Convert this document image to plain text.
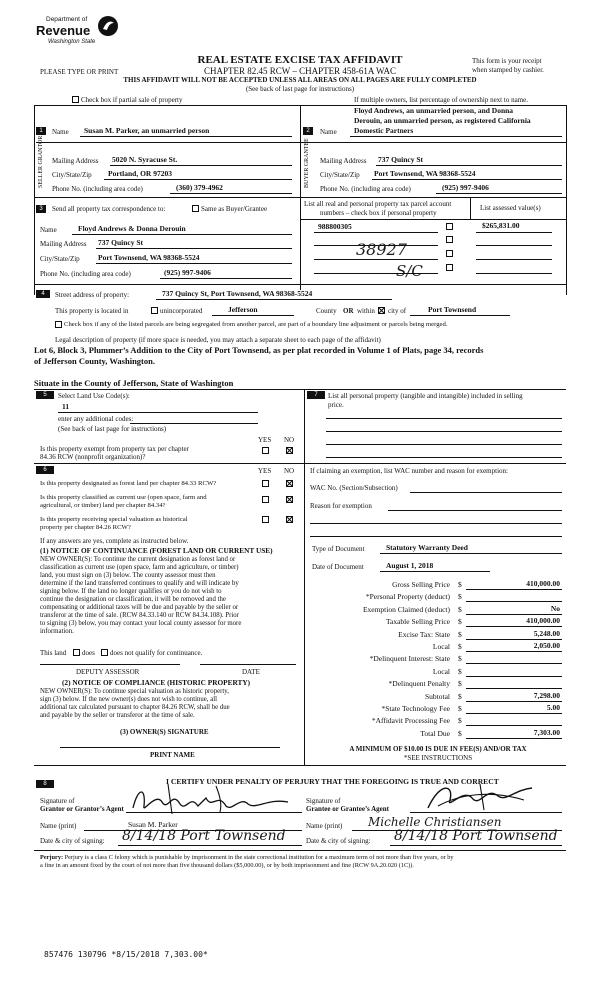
Department of
Revenue
Washington State
REAL ESTATE EXCISE TAX AFFIDAVIT
PLEASE TYPE OR PRINT	CHAPTER 82.45 RCW – CHAPTER 458-61A WAC
This form is your receipt
when stamped by cashier.
THIS AFFIDAVIT WILL NOT BE ACCEPTED UNLESS ALL AREAS ON ALL PAGES ARE FULLY COMPLETED
(See back of last page for instructions)
Check box if partial sale of property	If multiple owners, list percentage of ownership next to name.
1
SELLER GRANTOR
Name Susan M. Parker, an unmarried person
Mailing Address 5020 N. Syracuse St.
City/State/Zip Portland, OR 97203
Phone No. (including area code)	(360) 379-4962
Floyd Andrews, an unmarried person, and Donna
Derouin, an unmarried person, as registered California
2	Name Domestic Partners
BUYER GRANTEE Mailing Address 737 Quincy St
City/State/Zip Port Townsend, WA 98368-5524
Phone No. (including area code)	(925) 997-9406
3	Send all property tax correspondence to:	Same as Buyer/Grantee
Name	Floyd Andrews & Donna Derouin
Mailing Address 737 Quincy St
City/State/Zip Port Townsend, WA 98368-5524
Phone No. (including area code)	(925) 997-9406
List all real and personal property tax parcel account
numbers – check box if personal property
List assessed value(s)
988800305	$265,831.00
38927
S/C
4	Street address of property:	737 Quincy St, Port Townsend, WA 98368-5524
This property is located in	unincorporated	Jefferson	County OR within city of	Port Townsend
Check box if any of the listed parcels are being segregated from another parcel, are part of a boundary line adjustment or parcels being merged.
Legal description of property (if more space is needed, you may attach a separate sheet to each page of the affidavit)
Lot 6, Block 3, Plummer’s Addition to the City of Port Townsend, as per plat recorded in Volume 1 of Plats, page 34, records
of Jefferson County, Washington.
Situate in the County of Jefferson, State of Washington
5	Select Land Use Code(s):
11
enter any additional codes:
(See back of last page for instructions)
YES NO
Is this property exempt from property tax per chapter
84.36 RCW (nonprofit organization)?
6	YES NO
Is this property designated as forest land per chapter 84.33 RCW?
Is this property classified as current use (open space, farm and
agricultural, or timber) land per chapter 84.34?
Is this property receiving special valuation as historical
property per chapter 84.26 RCW?
If any answers are yes, complete as instructed below.
(1) NOTICE OF CONTINUANCE (FOREST LAND OR CURRENT USE)
NEW OWNER(S): To continue the current designation as forest land or
classification as current use (open space, farm and agriculture, or timber)
land, you must sign on (3) below. The county assessor must then
determine if the land transferred continues to qualify and will indicate by
signing below. If the land no longer qualifies or you do not wish to
continue the designation or classification, it will be removed and the
compensating or additional taxes will be due and payable by the seller or
transferor at the time of sale. (RCW 84.33.140 or RCW 84.34.108). Prior
to signing (3) below, you may contact your local county assessor for more
information.
This land does does not qualify for continuance.
DEPUTY ASSESSOR	DATE
(2) NOTICE OF COMPLIANCE (HISTORIC PROPERTY)
NEW OWNER(S): To continue special valuation as historic property,
sign (3) below. If the new owner(s) does not wish to continue, all
additional tax calculated pursuant to chapter 84.26 RCW, shall be due
and payable by the seller or transferor at the time of sale.
(3) OWNER(S) SIGNATURE
PRINT NAME
7	List all personal property (tangible and intangible) included in selling
price.
If claiming an exemption, list WAC number and reason for exemption:
WAC No. (Section/Subsection)
Reason for exemption
Type of Document	Statutory Warranty Deed
Date of Document	August 1, 2018
Gross Selling Price $	410,000.00
*Personal Property (deduct) $
Exemption Claimed (deduct) $	No
Taxable Selling Price $	410,000.00
Excise Tax: State $	5,248.00
Local $	2,050.00
*Delinquent Interest: State $
Local $
*Delinquent Penalty $
Subtotal $	7,298.00
*State Technology Fee $	5.00
*Affidavit Processing Fee $
Total Due $	7,303.00
A MINIMUM OF $10.00 IS DUE IN FEE(S) AND/OR TAX
*SEE INSTRUCTIONS
8	I CERTIFY UNDER PENALTY OF PERJURY THAT THE FOREGOING IS TRUE AND CORRECT
Signature of
Grantor or Grantor’s Agent
Signature of
Grantee or Grantee’s Agent
Name (print)	Susan M. Parker	Name (print) Michelle Christiansen
Date & city of signing: 8/14/18 Port Townsend	Date & city of signing: 8/14/18 Port Townsend
Perjury: Perjury is a class C felony which is punishable by imprisonment in the state correctional institution for a maximum term of not more than five years, or by
a fine in an amount fixed by the court of not more than five thousand dollars ($5,000.00), or by both imprisonment and fine (RCW 9A.20.020 (1C)).
857476 130796 *8/15/2018 7,303.00*
